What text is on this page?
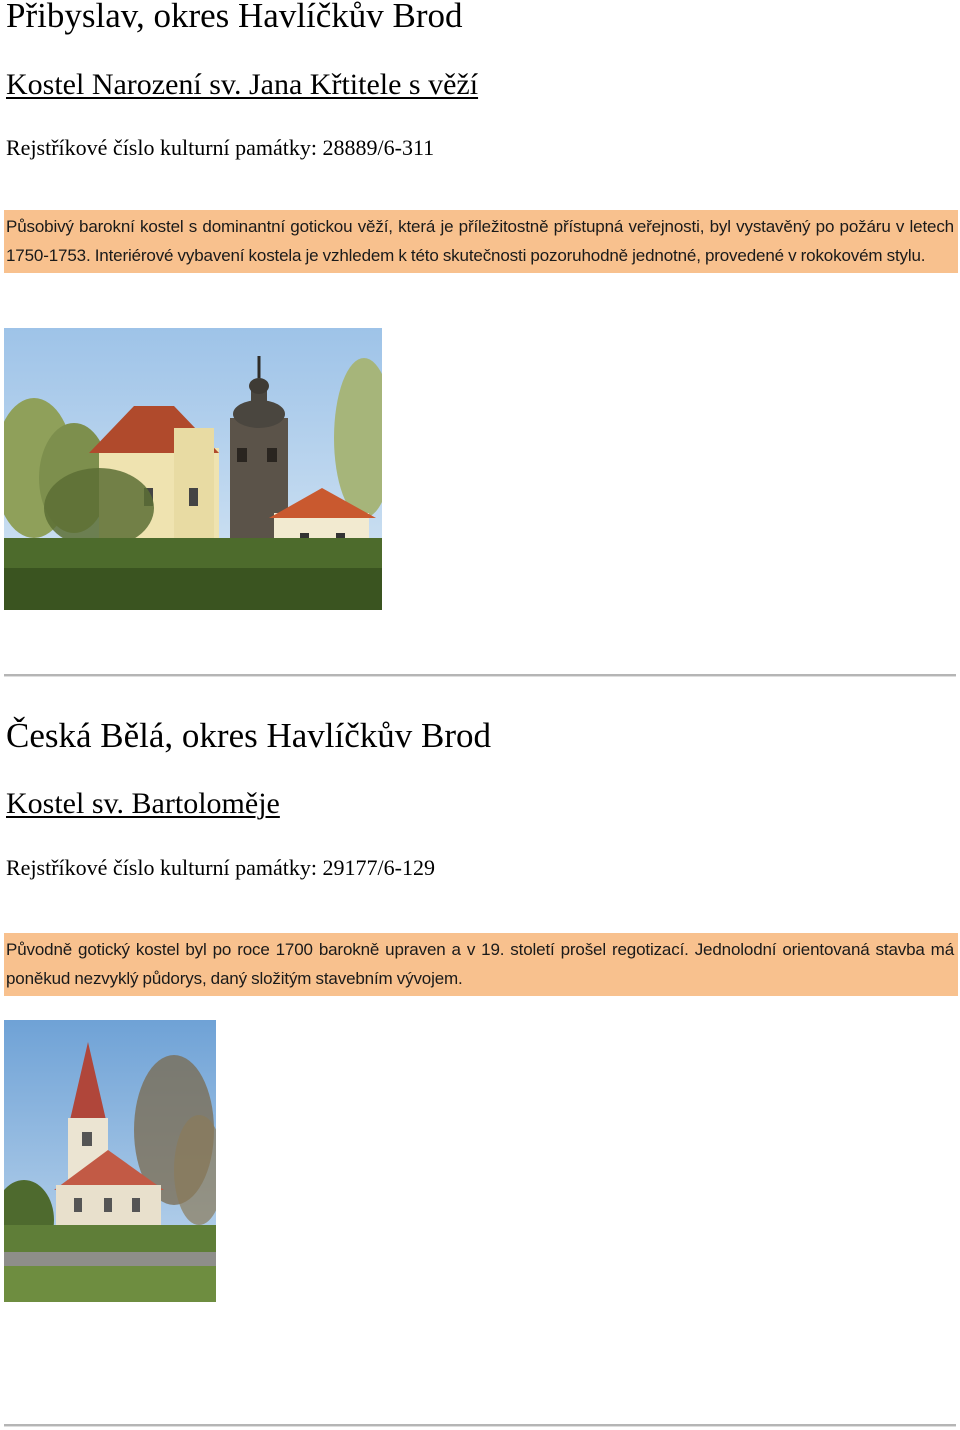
Přibyslav, okres Havlíčkův Brod
Kostel Narození sv. Jana Křtitele s věží

Rejstříkové číslo kulturní památky: 28889/6-311

Působivý barokní kostel s dominantní gotickou věží, která je příležitostně přístupná veřejnosti, byl vystavěný po požáru v letech 1750-1753. Interiérové vybavení kostela je vzhledem k této skutečnosti pozoruhodně jednotné, provedené v rokokovém stylu.

Česká Bělá, okres Havlíčkův Brod
Kostel sv. Bartoloměje

Rejstříkové číslo kulturní památky: 29177/6-129

Původně gotický kostel byl po roce 1700 barokně upraven a v 19. století prošel regotizací. Jednolodní orientovaná stavba má poněkud nezvyklý půdorys, daný složitým stavebním vývojem.
